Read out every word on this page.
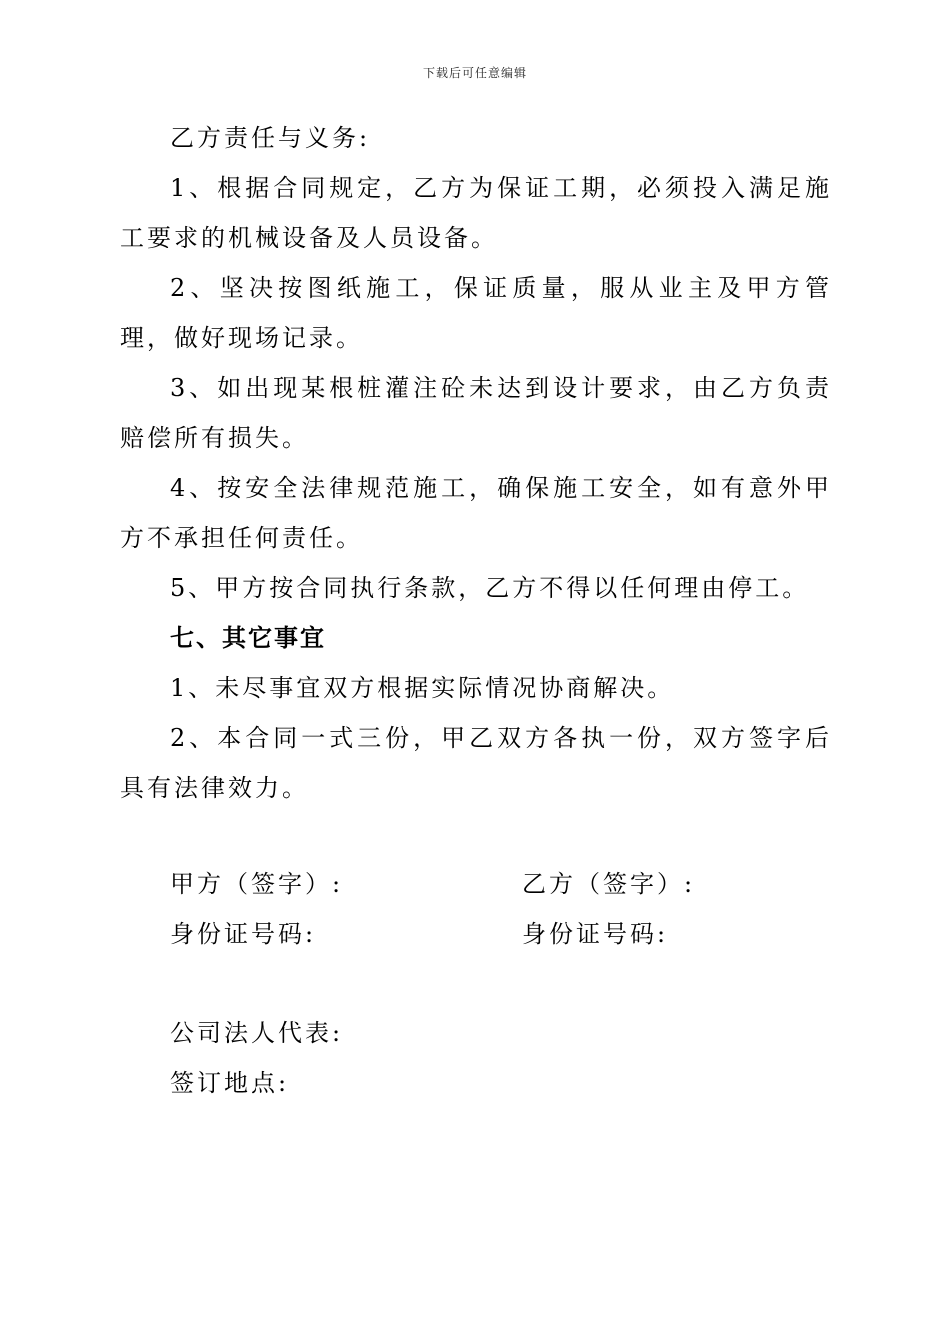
下载后可任意编辑

乙方责任与义务:

1、根据合同规定，乙方为保证工期，必须投入满足施工要求的机械设备及人员设备。

2、坚决按图纸施工，保证质量，服从业主及甲方管理，做好现场记录。

3、如出现某根桩灌注砼未达到设计要求，由乙方负责赔偿所有损失。

4、按安全法律规范施工，确保施工安全，如有意外甲方不承担任何责任。

5、甲方按合同执行条款，乙方不得以任何理由停工。

七、其它事宜

1、未尽事宜双方根据实际情况协商解决。

2、本合同一式三份，甲乙双方各执一份，双方签字后具有法律效力。

甲方（签字）:	乙方（签字）:
身份证号码:	身份证号码:
公司法人代表:
签订地点:
